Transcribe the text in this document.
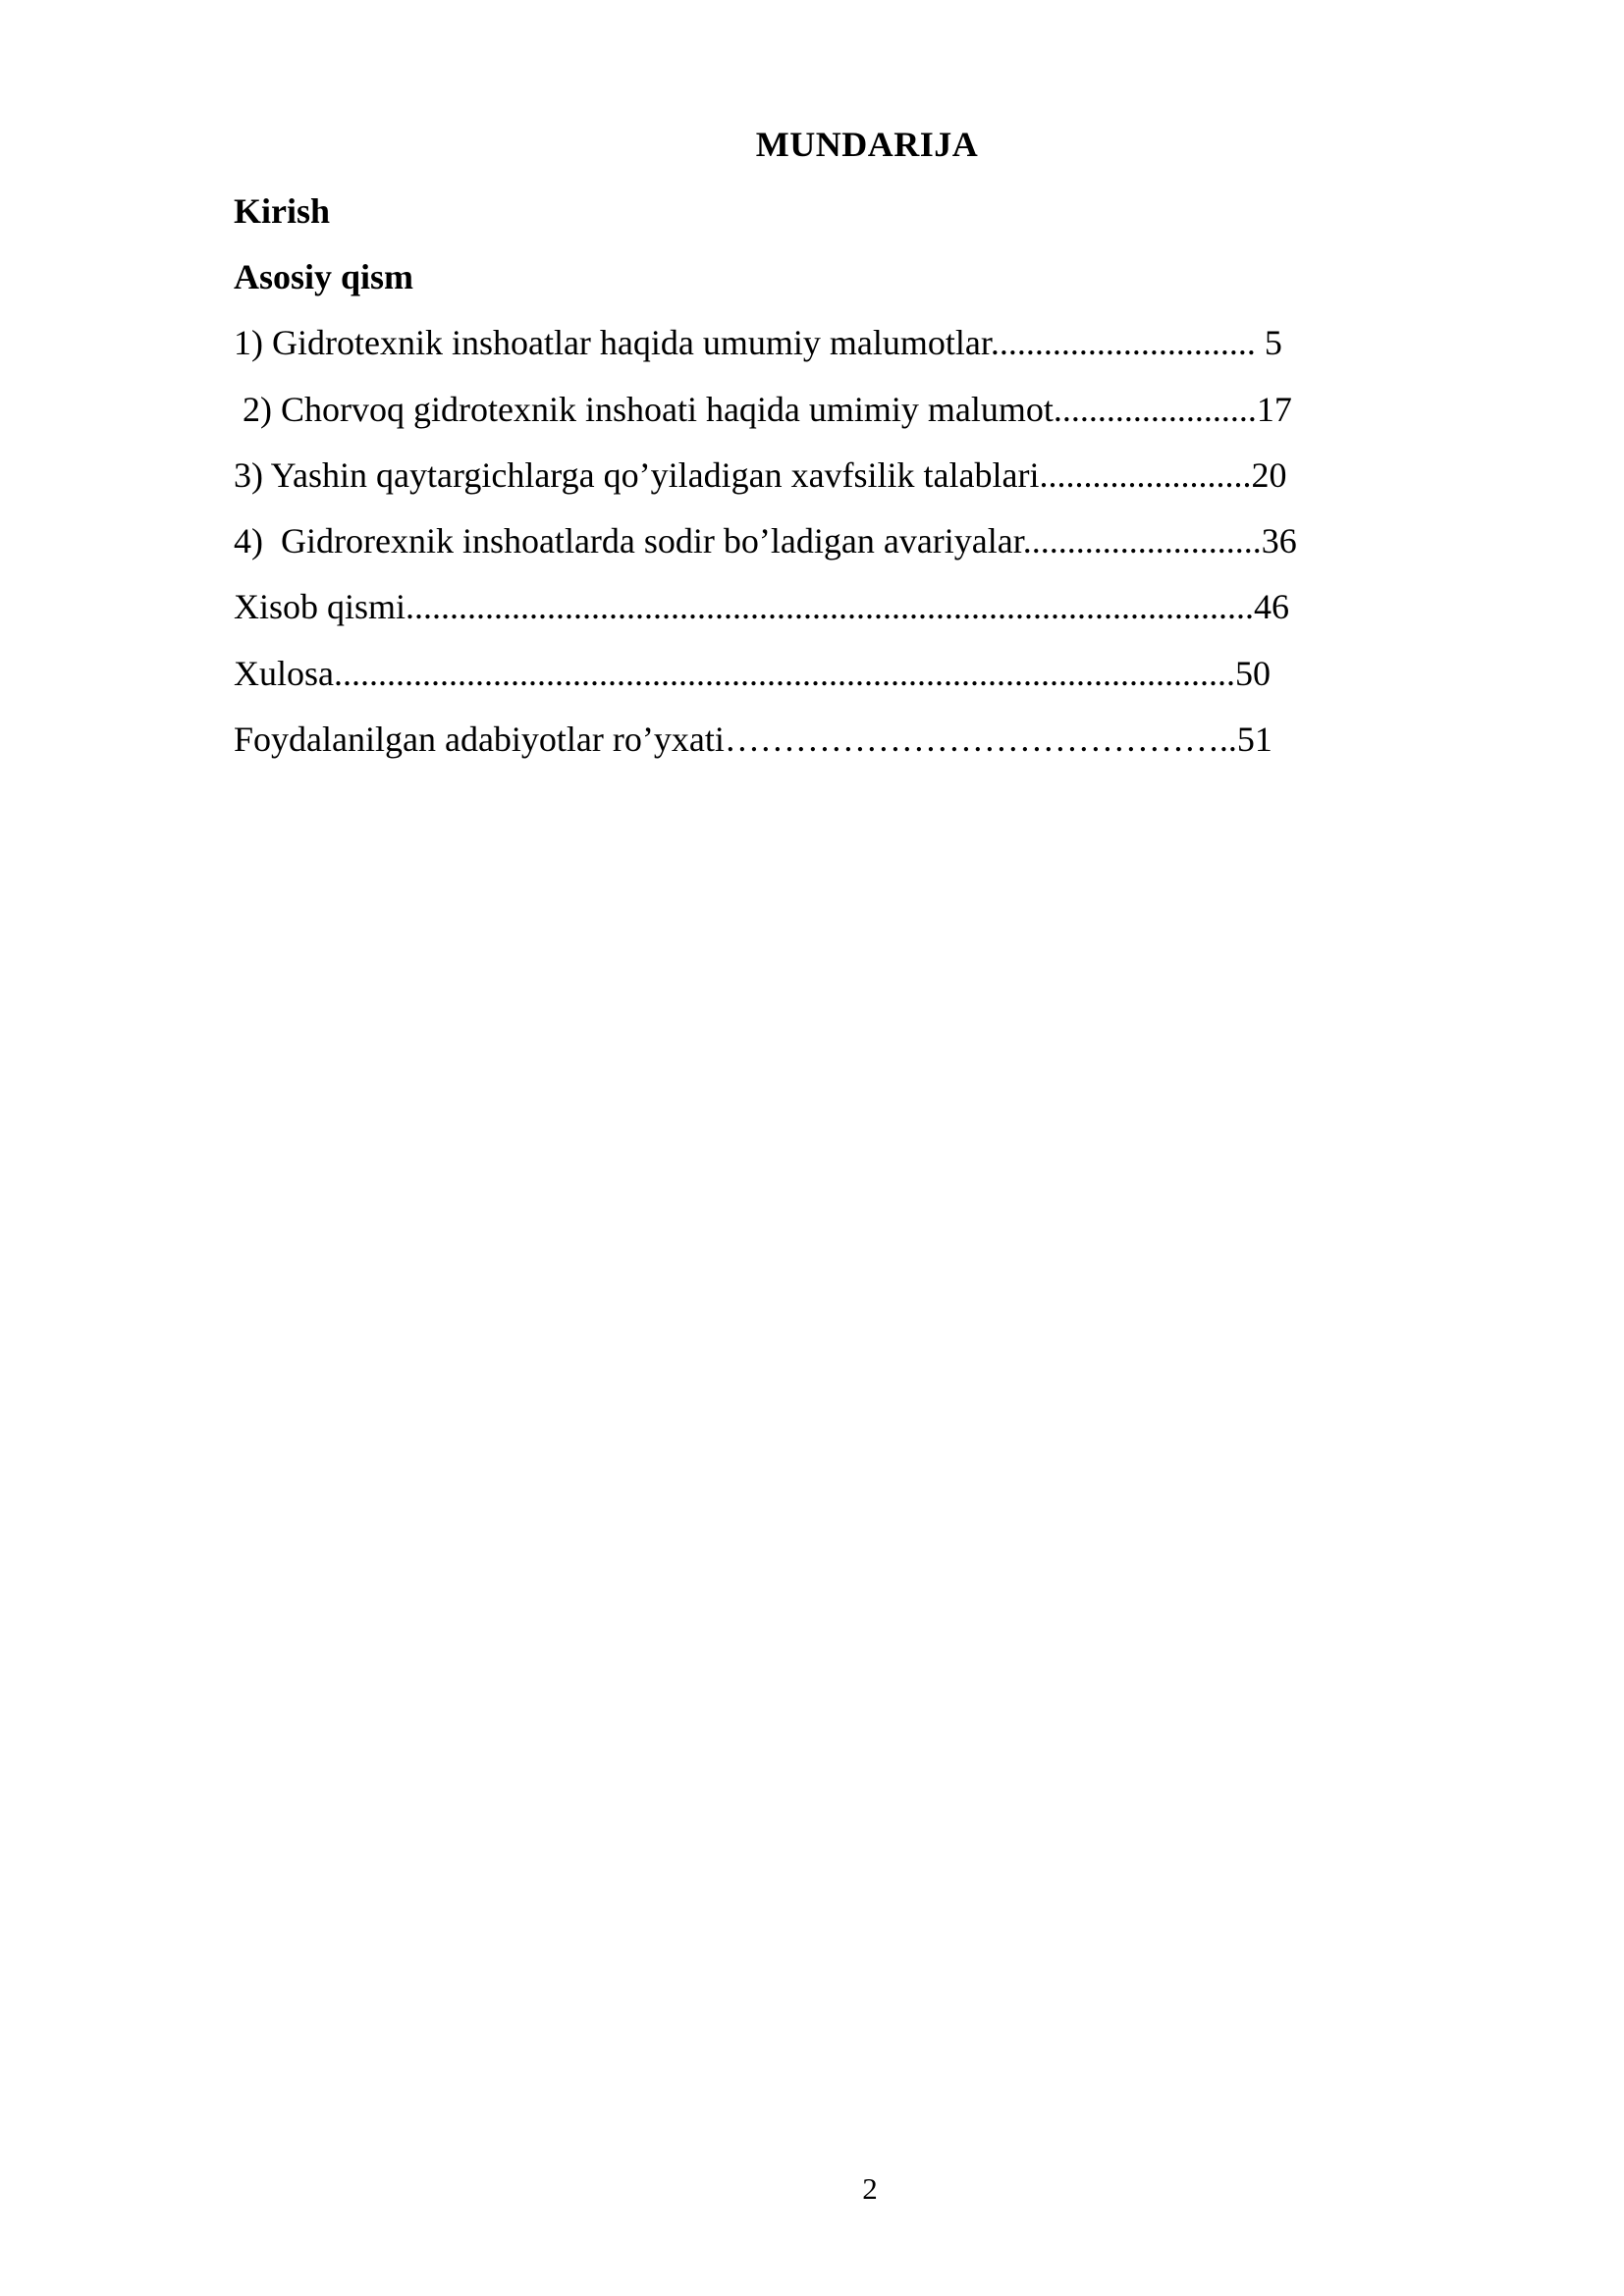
MUNDARIJA
Kirish
Asosiy qism
1) Gidrotexnik inshoatlar haqida umumiy malumotlar.............................. 5
2) Chorvoq gidrotexnik inshoati haqida umimiy malumot.......................17
3) Yashin qaytargichlarga qo’yiladigan xavfsilik talablari........................20
4)  Gidrorexnik inshoatlarda sodir bo’ladigan avariyalar...........................36
Xisob qismi................................................................................................46
Xulosa......................................................................................................50
Foydalanilgan adabiyotlar ro’yxati……………………………………..51
2
